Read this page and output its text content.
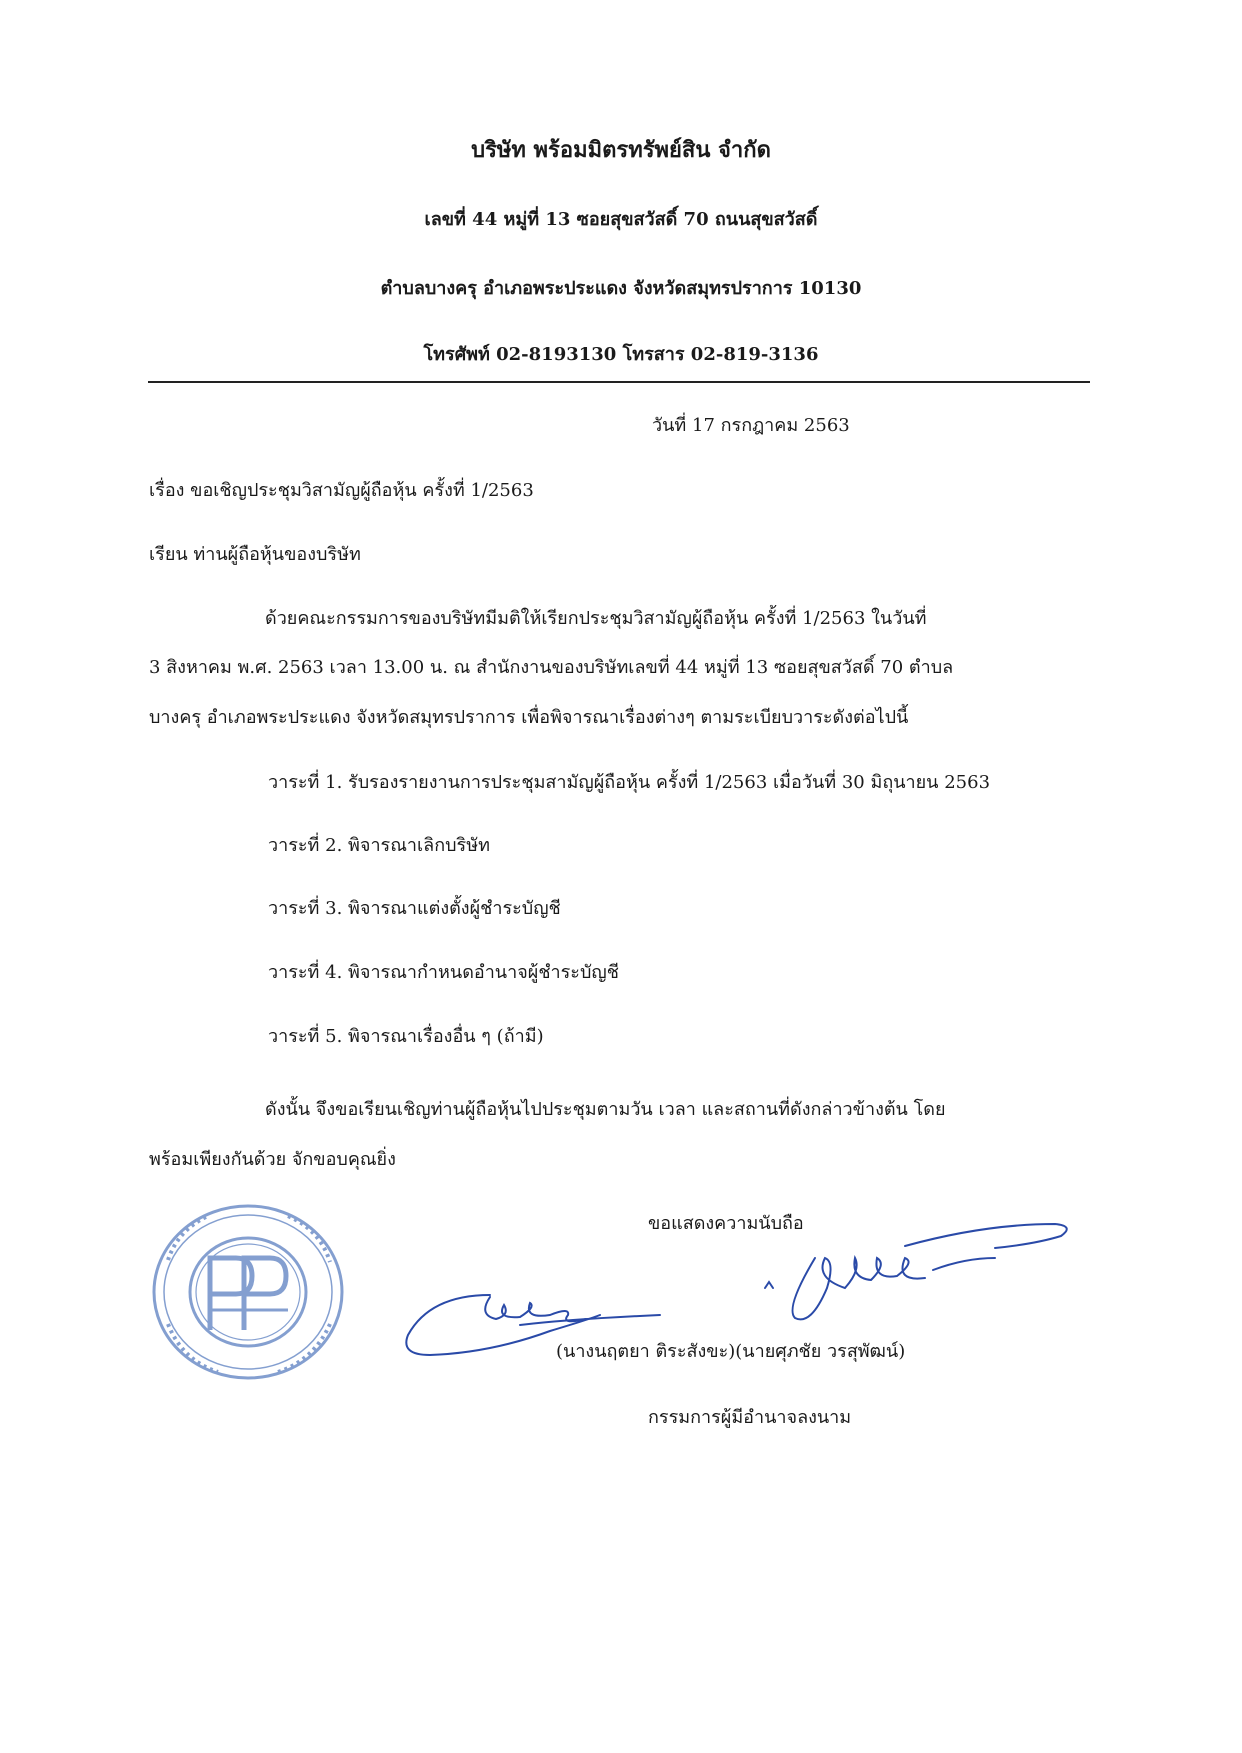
บริษัท พร้อมมิตรทรัพย์สิน จำกัด
เลขที่ 44 หมู่ที่ 13 ซอยสุขสวัสดิ์ 70 ถนนสุขสวัสดิ์
ตำบลบางครุ อำเภอพระประแดง จังหวัดสมุทรปราการ 10130
โทรศัพท์ 02-8193130 โทรสาร 02-819-3136
วันที่ 17 กรกฎาคม 2563
เรื่อง ขอเชิญประชุมวิสามัญผู้ถือหุ้น ครั้งที่ 1/2563
เรียน ท่านผู้ถือหุ้นของบริษัท
ด้วยคณะกรรมการของบริษัทมีมติให้เรียกประชุมวิสามัญผู้ถือหุ้น ครั้งที่ 1/2563 ในวันที่
3 สิงหาคม พ.ศ. 2563 เวลา 13.00 น. ณ สำนักงานของบริษัทเลขที่ 44 หมู่ที่ 13 ซอยสุขสวัสดิ์ 70 ตำบล
บางครุ อำเภอพระประแดง จังหวัดสมุทรปราการ เพื่อพิจารณาเรื่องต่างๆ ตามระเบียบวาระดังต่อไปนี้
วาระที่ 1. รับรองรายงานการประชุมสามัญผู้ถือหุ้น ครั้งที่ 1/2563 เมื่อวันที่ 30 มิถุนายน 2563
วาระที่ 2. พิจารณาเลิกบริษัท
วาระที่ 3. พิจารณาแต่งตั้งผู้ชำระบัญชี
วาระที่ 4. พิจารณากำหนดอำนาจผู้ชำระบัญชี
วาระที่ 5. พิจารณาเรื่องอื่น ๆ (ถ้ามี)
ดังนั้น จึงขอเรียนเชิญท่านผู้ถือหุ้นไปประชุมตามวัน เวลา และสถานที่ดังกล่าวข้างต้น โดย
พร้อมเพียงกันด้วย จักขอบคุณยิ่ง
ขอแสดงความนับถือ
(นางนฤตยา ติระสังขะ)(นายศุภชัย วรสุพัฒน์)
กรรมการผู้มีอำนาจลงนาม
